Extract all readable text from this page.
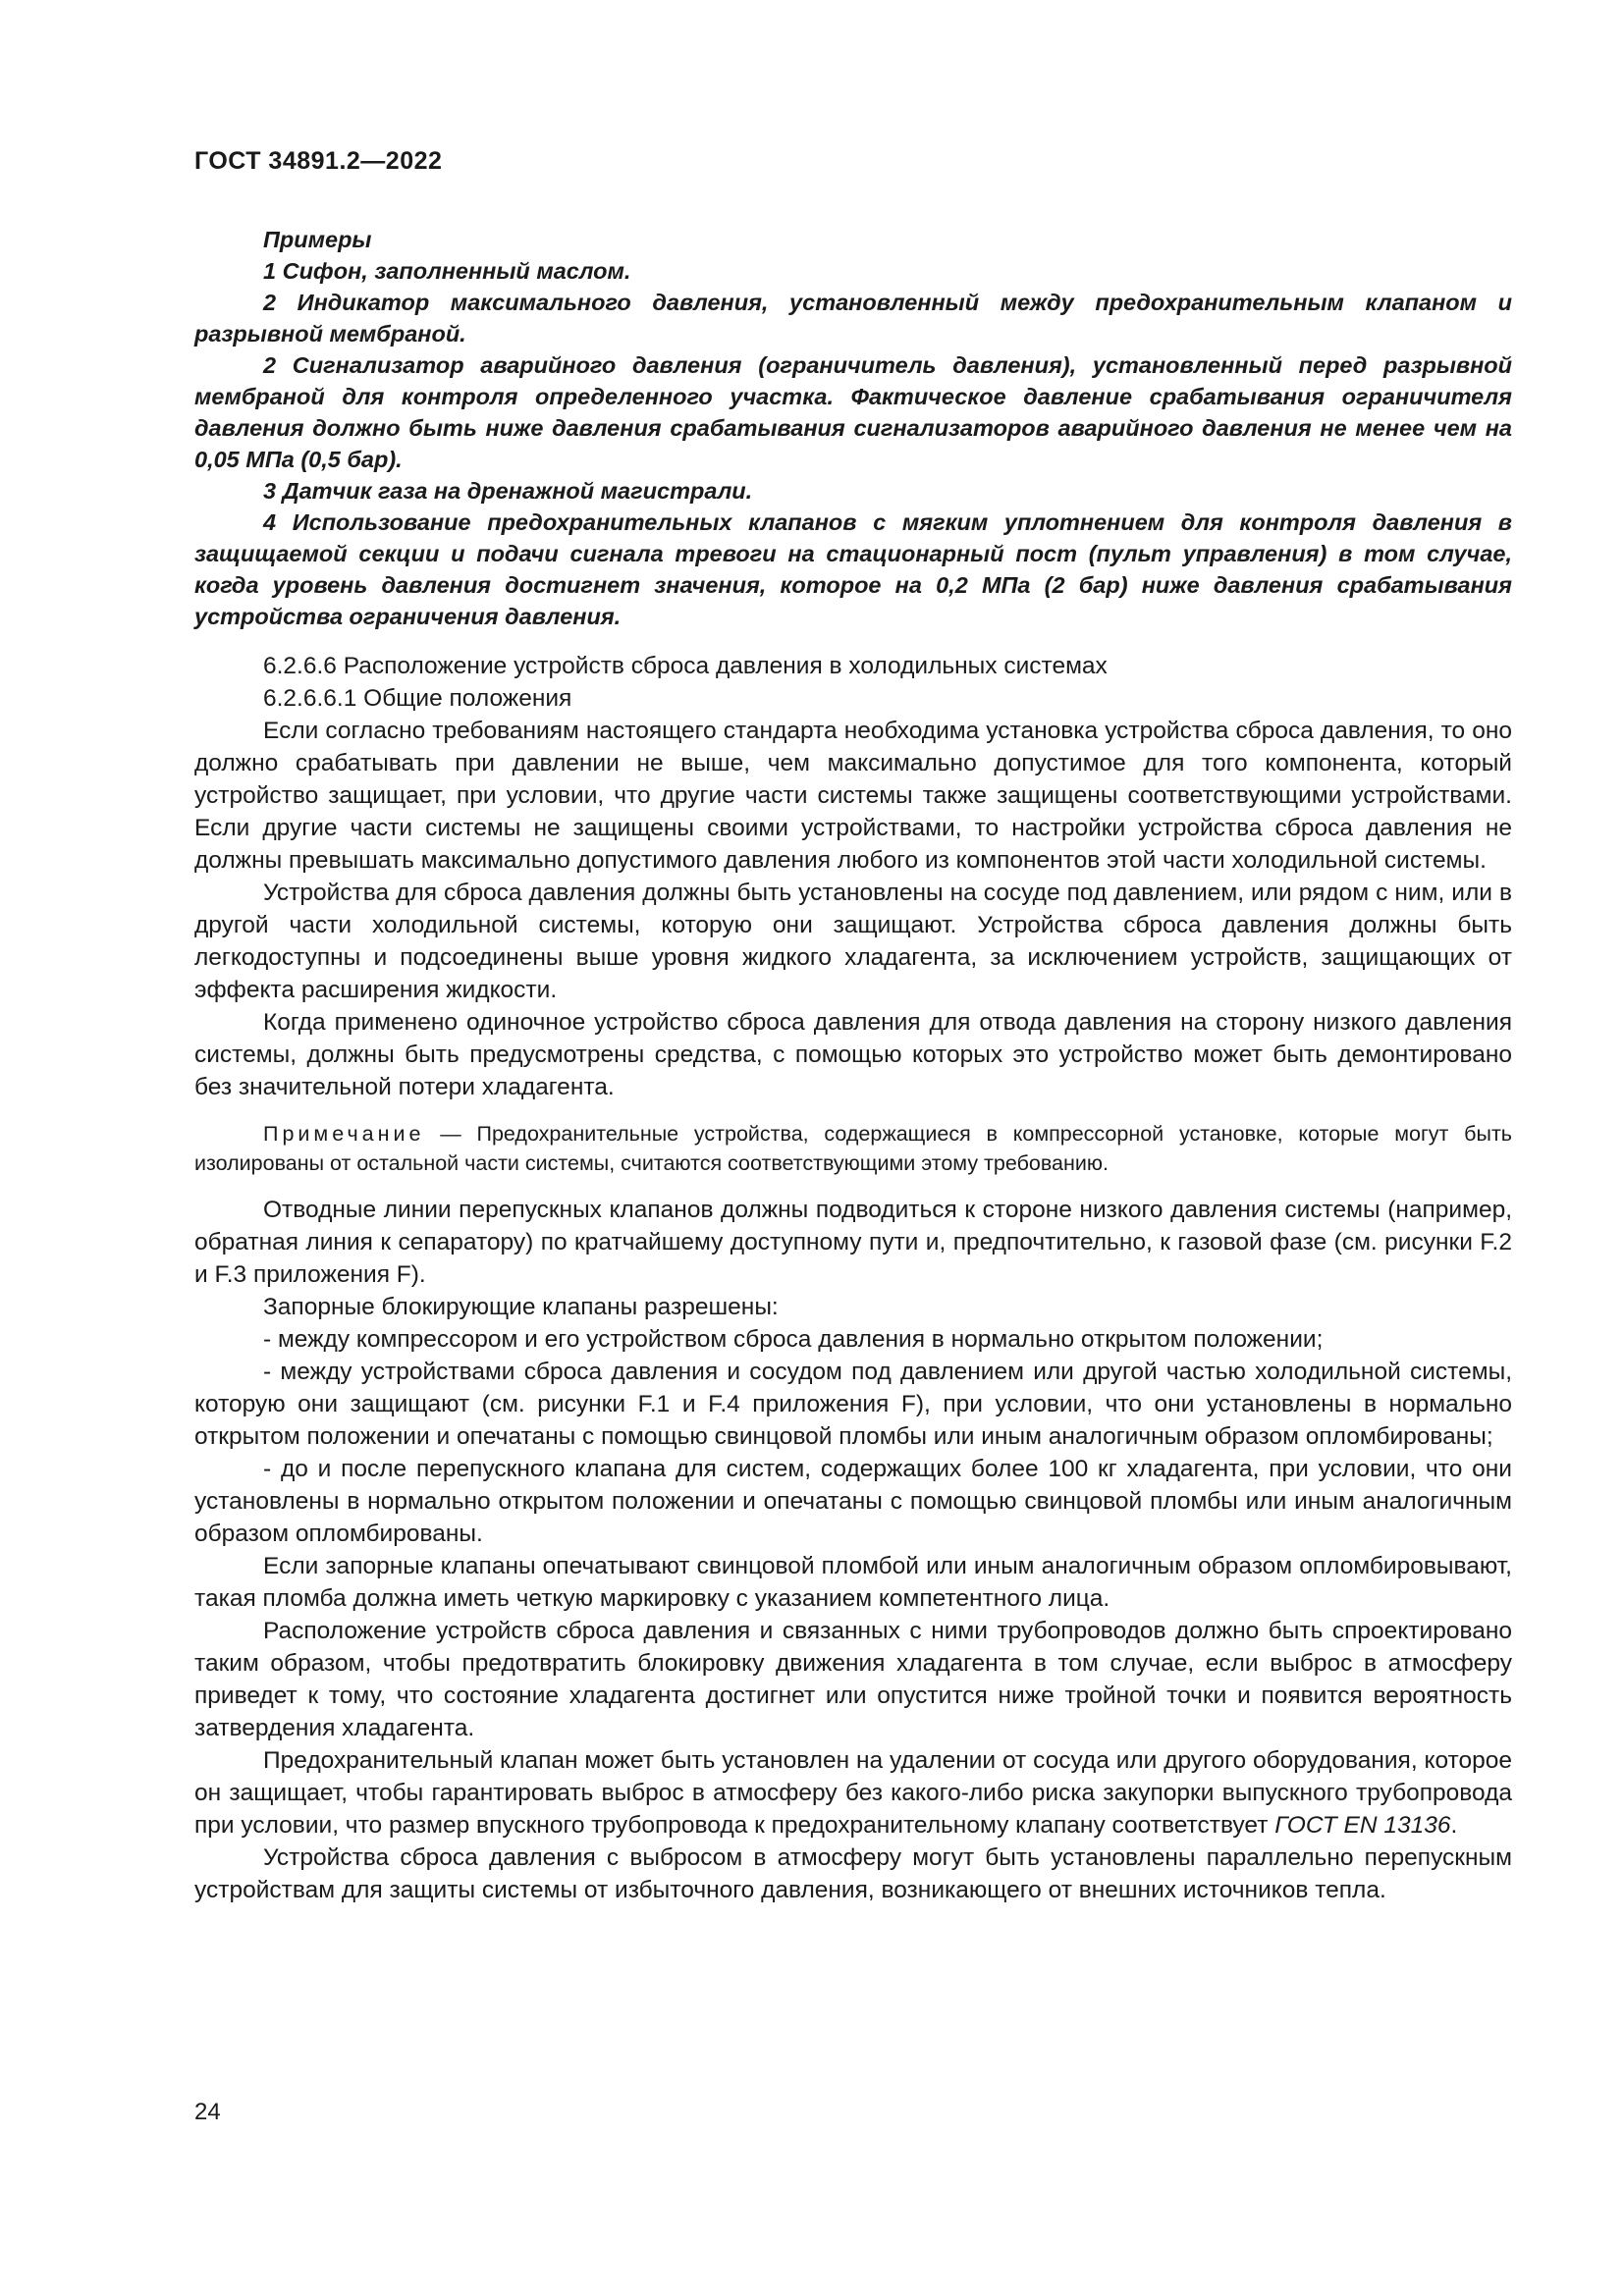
ГОСТ 34891.2—2022

Примеры

1 Сифон, заполненный маслом.

2 Индикатор максимального давления, установленный между предохранительным клапаном и разрывной мембраной.

2 Сигнализатор аварийного давления (ограничитель давления), установленный перед разрывной мембраной для контроля определенного участка. Фактическое давление срабатывания ограничителя давления должно быть ниже давления срабатывания сигнализаторов аварийного давления не менее чем на 0,05 МПа (0,5 бар).

3 Датчик газа на дренажной магистрали.

4 Использование предохранительных клапанов с мягким уплотнением для контроля давления в защищаемой секции и подачи сигнала тревоги на стационарный пост (пульт управления) в том случае, когда уровень давления достигнет значения, которое на 0,2 МПа (2 бар) ниже давления срабатывания устройства ограничения давления.

6.2.6.6 Расположение устройств сброса давления в холодильных системах

6.2.6.6.1 Общие положения

Если согласно требованиям настоящего стандарта необходима установка устройства сброса давления, то оно должно срабатывать при давлении не выше, чем максимально допустимое для того компонента, который устройство защищает, при условии, что другие части системы также защищены соответствующими устройствами. Если другие части системы не защищены своими устройствами, то настройки устройства сброса давления не должны превышать максимально допустимого давления любого из компонентов этой части холодильной системы.

Устройства для сброса давления должны быть установлены на сосуде под давлением, или рядом с ним, или в другой части холодильной системы, которую они защищают. Устройства сброса давления должны быть легкодоступны и подсоединены выше уровня жидкого хладагента, за исключением устройств, защищающих от эффекта расширения жидкости.

Когда применено одиночное устройство сброса давления для отвода давления на сторону низкого давления системы, должны быть предусмотрены средства, с помощью которых это устройство может быть демонтировано без значительной потери хладагента.

Примечание — Предохранительные устройства, содержащиеся в компрессорной установке, которые могут быть изолированы от остальной части системы, считаются соответствующими этому требованию.

Отводные линии перепускных клапанов должны подводиться к стороне низкого давления системы (например, обратная линия к сепаратору) по кратчайшему доступному пути и, предпочтительно, к газовой фазе (см. рисунки F.2 и F.3 приложения F).

Запорные блокирующие клапаны разрешены:

- между компрессором и его устройством сброса давления в нормально открытом положении;

- между устройствами сброса давления и сосудом под давлением или другой частью холодильной системы, которую они защищают (см. рисунки F.1 и F.4 приложения F), при условии, что они установлены в нормально открытом положении и опечатаны с помощью свинцовой пломбы или иным аналогичным образом опломбированы;

- до и после перепускного клапана для систем, содержащих более 100 кг хладагента, при условии, что они установлены в нормально открытом положении и опечатаны с помощью свинцовой пломбы или иным аналогичным образом опломбированы.

Если запорные клапаны опечатывают свинцовой пломбой или иным аналогичным образом опломбировывают, такая пломба должна иметь четкую маркировку с указанием компетентного лица.

Расположение устройств сброса давления и связанных с ними трубопроводов должно быть спроектировано таким образом, чтобы предотвратить блокировку движения хладагента в том случае, если выброс в атмосферу приведет к тому, что состояние хладагента достигнет или опустится ниже тройной точки и появится вероятность затвердения хладагента.

Предохранительный клапан может быть установлен на удалении от сосуда или другого оборудования, которое он защищает, чтобы гарантировать выброс в атмосферу без какого-либо риска закупорки выпускного трубопровода при условии, что размер впускного трубопровода к предохранительному клапану соответствует ГОСТ EN 13136.

Устройства сброса давления с выбросом в атмосферу могут быть установлены параллельно перепускным устройствам для защиты системы от избыточного давления, возникающего от внешних источников тепла.

24
